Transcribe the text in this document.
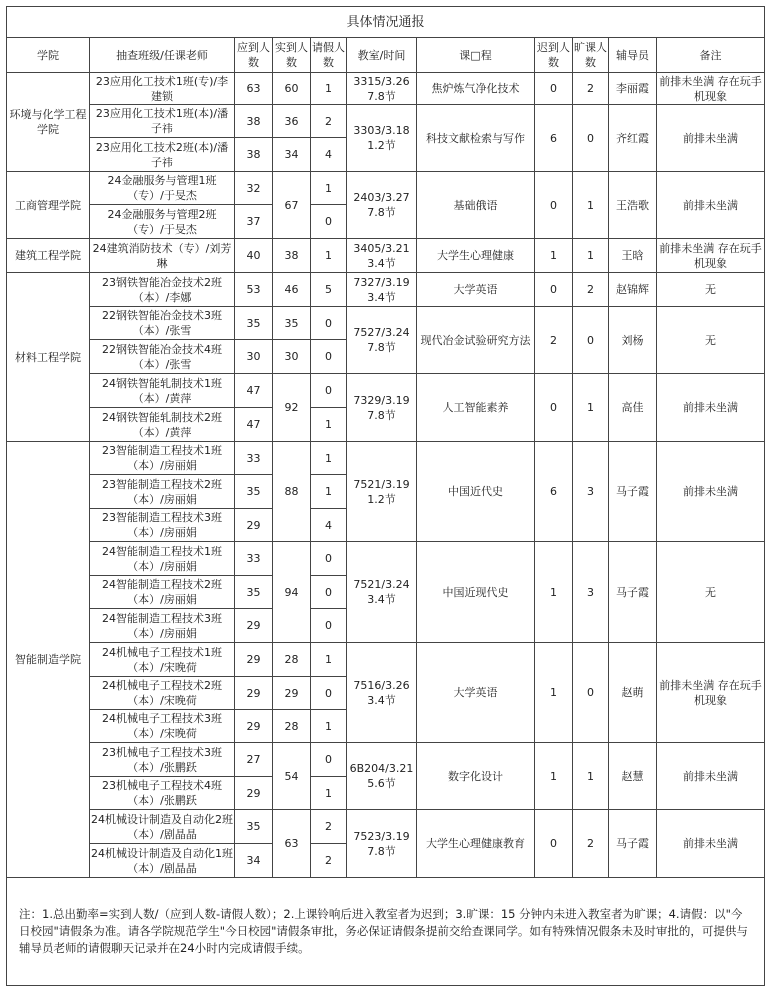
具体情况通报										
学院	抽查班级/任课老师	应到人数	实到人数	请假人数	教室/时间	课□程	迟到人数	旷课人数	辅导员	备注
环境与化学工程学院	23应用化工技术1班(专)/李建锁	63	60	1	3315/3.26 7.8节	焦炉炼气净化技术	0	2	李丽霞	前排未坐满 存在玩手机现象
	23应用化工技术1班(本)/潘子祎	38	36	2	3303/3.18 1.2节	科技文献检索与写作	6	0	齐红霞	前排未坐满
	23应用化工技术2班(本)/潘子祎	38	34	4						
工商管理学院	24金融服务与管理1班（专）/于旻杰	32	67	1	2403/3.27 7.8节	基础俄语	0	1	王浩歌	前排未坐满
	24金融服务与管理2班（专）/于旻杰	37		0						
建筑工程学院	24建筑消防技术（专）/刘芳琳	40	38	1	3405/3.21 3.4节	大学生心理健康	1	1	王晗	前排未坐满 存在玩手机现象
材料工程学院	23钢铁智能冶金技术2班（本）/李娜	53	46	5	7327/3.19 3.4节	大学英语	0	2	赵锦辉	无
	22钢铁智能冶金技术3班（本）/张雪	35	35	0	7527/3.24 7.8节	现代冶金试验研究方法	2	0	刘杨	无
	22钢铁智能冶金技术4班（本）/张雪	30	30	0						
	24钢铁智能轧制技术1班（本）/黄萍	47	92	0	7329/3.19 7.8节	人工智能素养	0	1	高佳	前排未坐满
	24钢铁智能轧制技术2班（本）/黄萍	47		1						
智能制造学院	23智能制造工程技术1班（本）/房丽娟	33	88	1	7521/3.19 1.2节	中国近代史	6	3	马子霞	前排未坐满
	23智能制造工程技术2班（本）/房丽娟	35		1						
	23智能制造工程技术3班（本）/房丽娟	29		4						
	24智能制造工程技术1班（本）/房丽娟	33	94	0	7521/3.24 3.4节	中国近现代史	1	3	马子霞	无
	24智能制造工程技术2班（本）/房丽娟	35		0						
	24智能制造工程技术3班（本）/房丽娟	29		0						
	24机械电子工程技术1班（本）/宋晚荷	29	28	1	7516/3.26 3.4节	大学英语	1	0	赵萌	前排未坐满 存在玩手机现象
	24机械电子工程技术2班（本）/宋晚荷	29	29	0						
	24机械电子工程技术3班（本）/宋晚荷	29	28	1						
	23机械电子工程技术3班（本）/张鹏跃	27	54	0	6B204/3.21 5.6节	数字化设计	1	1	赵慧	前排未坐满
	23机械电子工程技术4班（本）/张鹏跃	29		1						
	24机械设计制造及自动化2班（本）/剧晶晶	35	63	2	7523/3.19 7.8节	大学生心理健康教育	0	2	马子霞	前排未坐满
	24机械设计制造及自动化1班（本）/剧晶晶	34		2						
注：1.总出勤率=实到人数/（应到人数-请假人数）；2.上课铃响后进入教室者为迟到；3.旷课：15 分钟内未进入教室者为旷课；4.请假：以"今日校园"请假条为准。请各学院规范学生"今日校园"请假条审批，务必保证请假条提前交给查课同学。如有特殊情况假条未及时审批的，可提供与辅导员老师的请假聊天记录并在24小时内完成请假手续。										
